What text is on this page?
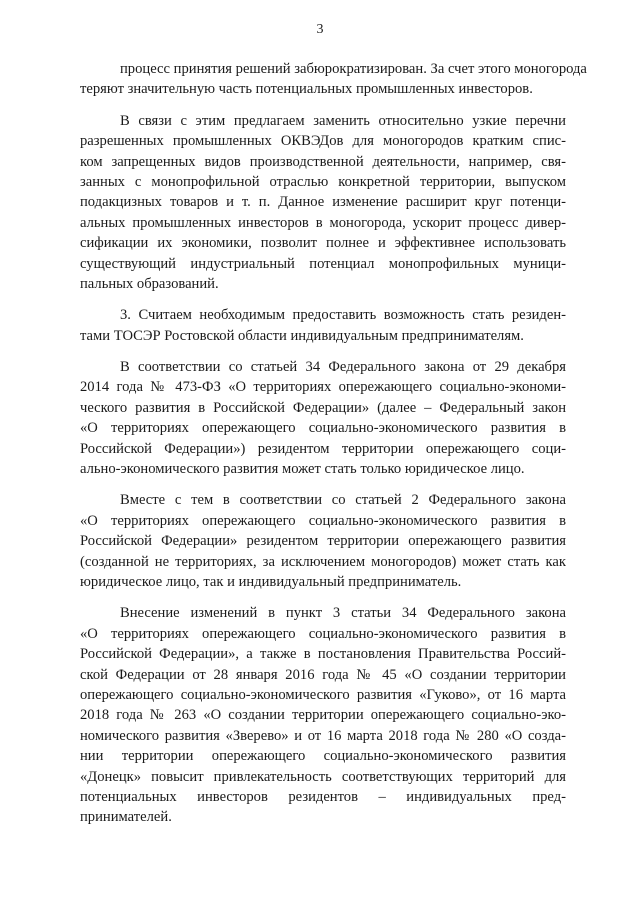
3
процесс принятия решений забюрократизирован. За счет этого моногорода
теряют значительную часть потенциальных промышленных инвесторов.
В связи с этим предлагаем заменить относительно узкие перечни
разрешенных промышленных ОКВЭДов для моногородов кратким спис-
ком запрещенных видов производственной деятельности, например, свя-
занных с монопрофильной отраслью конкретной территории, выпуском
подакцизных товаров и т. п. Данное изменение расширит круг потенци-
альных промышленных инвесторов в моногорода, ускорит процесс дивер-
сификации их экономики, позволит полнее и эффективнее использовать
существующий индустриальный потенциал монопрофильных муници-
пальных образований.
3. Считаем необходимым предоставить возможность стать резиден-
тами ТОСЭР Ростовской области индивидуальным предпринимателям.
В соответствии со статьей 34 Федерального закона от 29 декабря
2014 года № 473-ФЗ «О территориях опережающего социально-экономи-
ческого развития в Российской Федерации» (далее – Федеральный закон
«О территориях опережающего социально-экономического развития в
Российской Федерации») резидентом территории опережающего соци-
ально-экономического развития может стать только юридическое лицо.
Вместе с тем в соответствии со статьей 2 Федерального закона
«О территориях опережающего социально-экономического развития в
Российской Федерации» резидентом территории опережающего развития
(созданной не территориях, за исключением моногородов) может стать как
юридическое лицо, так и индивидуальный предприниматель.
Внесение изменений в пункт 3 статьи 34 Федерального закона
«О территориях опережающего социально-экономического развития в
Российской Федерации», а также в постановления Правительства Россий-
ской Федерации от 28 января 2016 года № 45 «О создании территории
опережающего социально-экономического развития «Гуково», от 16 марта
2018 года № 263 «О создании территории опережающего социально-эко-
номического развития «Зверево» и от 16 марта 2018 года № 280 «О созда-
нии территории опережающего социально-экономического развития
«Донецк» повысит привлекательность соответствующих территорий для
потенциальных инвесторов резидентов – индивидуальных пред-
принимателей.
